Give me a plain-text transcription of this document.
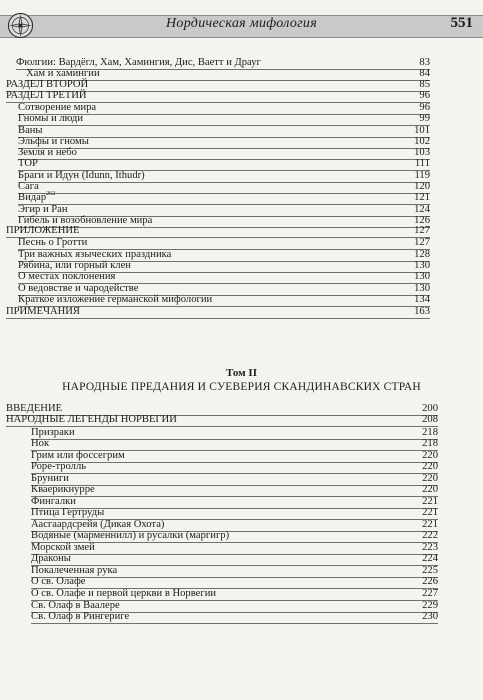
Нордическая мифология	551
Том II
НАРОДНЫЕ ПРЕДАНИЯ И СУЕВЕРИЯ СКАНДИНАВСКИХ СТРАН
Фюлгии: Вардёгл, Хам, Хамингия, Дис, Ваетт и Драуг	83
Хам и хамингии	84
РАЗДЕЛ ВТОРОЙ	85
РАЗДЕЛ ТРЕТИЙ	96
Сотворение мира	96
Гномы и люди	99
Ваны	101
Эльфы и гномы	102
Земля и небо	103
ТОР	111
Браги и Идун (Idunn, Ithudr)	119
Сага	120
Видар$^{262}$	121
Эгир и Ран	124
Гибель и возобновление мира	126
ПРИЛОЖЕНИЕ	127
Песнь о Гротти	127
Три важных языческих праздника	128
Рябина, или горный клен	130
О местах поклонения	130
О ведовстве и чародействе	130
Краткое изложение германской мифологии	134
ПРИМЕЧАНИЯ	163
ВВЕДЕНИЕ	200
НАРОДНЫЕ ЛЕГЕНДЫ НОРВЕГИИ	208
Призраки	218
Нок	218
Грим или фоссегрим	220
Роре-тролль	220
Бруниги	220
Кваерикнурре	220
Фингалки	221
Птица Гертруды	221
Аасгаардсрейя (Дикая Охота)	221
Водяные (марменнилл) и русалки (маргигр)	222
Морской змей	223
Драконы	224
Покалеченная рука	225
О св. Олафе	226
О св. Олафе и первой церкви в Норвегии	227
Св. Олаф в Ваалере	229
Св. Олаф в Рингериге	230
